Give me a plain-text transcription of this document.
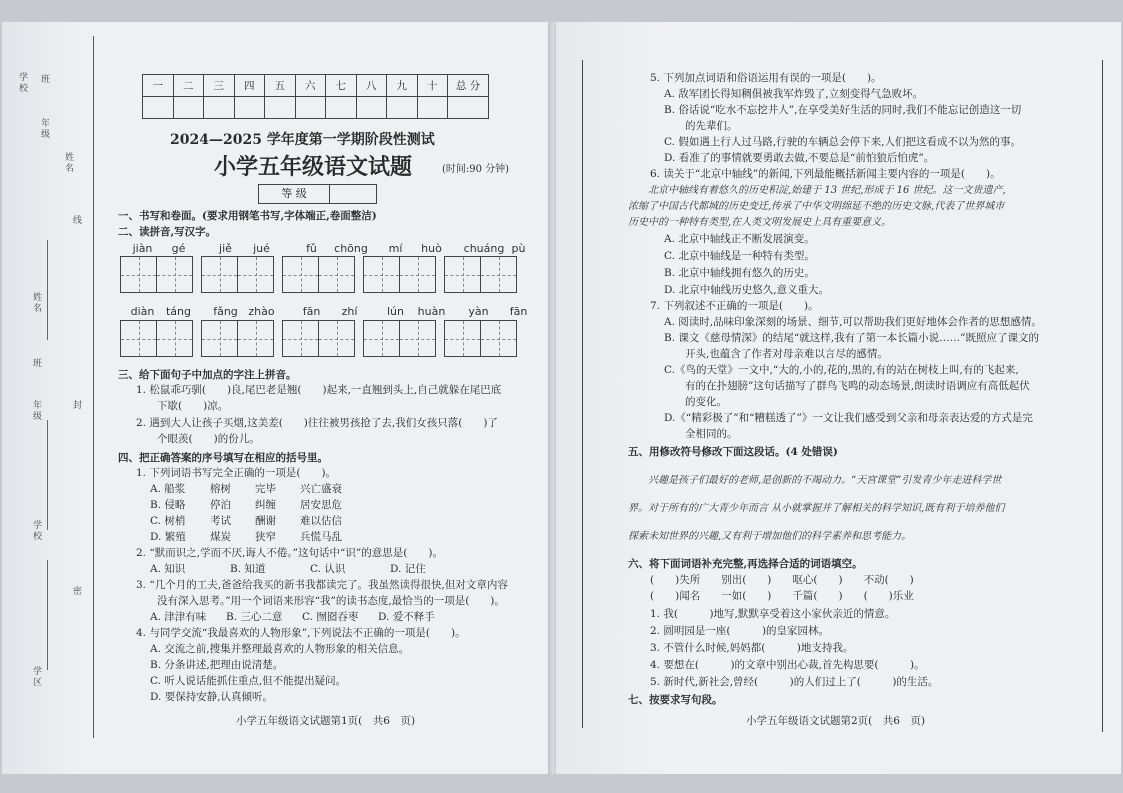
学校
年级
班
姓名
线
姓名
班
年级	封
学校
密
学区
一	二	三	四	五	六	七	八	九	十	总 分

2024—2025 学年度第一学期阶段性测试
小学五年级语文试题	(时间:90 分钟)
等 级
一、书写和卷面。(要求用钢笔书写,字体端正,卷面整洁)
二、读拼音,写汉字。
jiàn	gé	jiě	jué	fǔ	chōng	mí	huò	chuáng pù
diàn	táng	fǎng zhào	fān	zhí	lún	huàn	yàn	fān
三、给下面句子中加点的字注上拼音。
1. 松鼠乖巧驯(　　)良,尾巴老是翘(　　)起来,一直翘到头上,自己就躲在尾巴底
　　下歇(　　)凉。
2. 遇到大人让孩子买烟,这美差(　　)往往被男孩抢了去,我们女孩只落(　　)了
　　个眼羡(　　)的份儿。
四、把正确答案的序号填写在相应的括号里。
1. 下列词语书写完全正确的一项是(　　)。
A. 船浆 榕树 完毕 兴亡盛衰
B. 侵略 停泊 纠缠 居安思危
C. 树梢 考试 酬谢 难以估信
D. 繁殖 煤炭 狭窄 兵慌马乱
2. “默而识之,学而不厌,诲人不倦。”这句话中“识”的意思是(　　)。
A. 知识	B. 知道	C. 认识	D. 记住
3. “几个月的工夫,爸爸给我买的新书我都读完了。我虽然读得很快,但对文章内容
　　没有深入思考。”用一个词语来形容“我”的读书态度,最恰当的一项是(　　)。
A. 津津有味 B. 三心二意 C. 囫囵吞枣 D. 爱不释手
4. 与同学交流“我最喜欢的人物形象”,下列说法不正确的一项是(　　)。
A. 交流之前,搜集并整理最喜欢的人物形象的相关信息。
B. 分条讲述,把理由说清楚。
C. 听人说话能抓住重点,但不能提出疑问。
D. 要保持安静,认真倾听。
小学五年级语文试题第1页(　共6　页)
5. 下列加点词语和俗语运用有误的一项是(　　)。
A. 敌军团长得知稠俱被我军炸毁了,立刻变得气急败坏。
B. 俗话说“吃水不忘挖井人”,在享受美好生活的同时,我们不能忘记创造这一切
　　的先辈们。
C. 假如遇上行人过马路,行驶的车辆总会停下来,人们把这看成不以为然的事。
D. 看准了的事情就要勇敢去做,不要总是“前怕狼后怕虎”。
6. 读关于“北京中轴线”的新闻,下列最能概括新闻主要内容的一项是(　　)。
　　北京中轴线有着悠久的历史积淀,始建于 13 世纪,形成于 16 世纪。这一文贵遗产,
浓缩了中国古代都城的历史变迁,传承了中华文明绵延不绝的历史文脉,代表了世界城市
历史中的一种特有类型,在人类文明发展史上具有重要意义。
A. 北京中轴线正不断发展演变。
C. 北京中轴线是一种特有类型。
B. 北京中轴线拥有悠久的历史。
D. 北京中轴线历史悠久,意义重大。
7. 下列叙述不正确的一项是(　　)。
A. 阅读时,品味印象深刻的场景、细节,可以帮助我们更好地体会作者的思想感情。
B. 课文《慈母情深》的结尾“就这样,我有了第一本长篇小说……”既照应了课文的
　　开头,也蕴含了作者对母亲难以言尽的感情。
C.《鸟的天堂》一文中,“大的,小的,花的,黑的,有的站在树枝上叫,有的飞起来,
　　有的在扑翅膀”这句话描写了群鸟飞鸣的动态场景,朗读时语调应有高低起伏
　　的变化。
D.《“精彩极了”和“糟糕透了”》一文让我们感受到父亲和母亲表达爱的方式是完
　　全相同的。
五、用修改符号修改下面这段话。(4 处错误)
　　兴趣是孩子们最好的老师,是创新的不竭动力。“天宫课堂”引发青少年走进科学世
界。对于所有的广大青少年而言 从小就掌握并了解相关的科学知识,既有利于培养他们
探索未知世界的兴趣,又有利于增加他们的科学素养和思考能力。
六、将下面词语补充完整,再选择合适的词语填空。
(　　)失所　　别出(　　)　　呕心(　　)　　不动(　　)
(　　)闻名　　一如(　　)　　千篇(　　)　　(　　)乐业
1. 我(　　　)地写,默默享受着这小家伙亲近的情意。
2. 圆明园是一座(　　　)的皇家园林。
3. 不管什么时候,妈妈都(　　　)地支持我。
4. 要想在(　　　)的文章中别出心裁,首先构思要(　　　)。
5. 新时代,新社会,曾经(　　　)的人们过上了(　　　)的生活。
七、按要求写句段。
小学五年级语文试题第2页(　共6　页)
